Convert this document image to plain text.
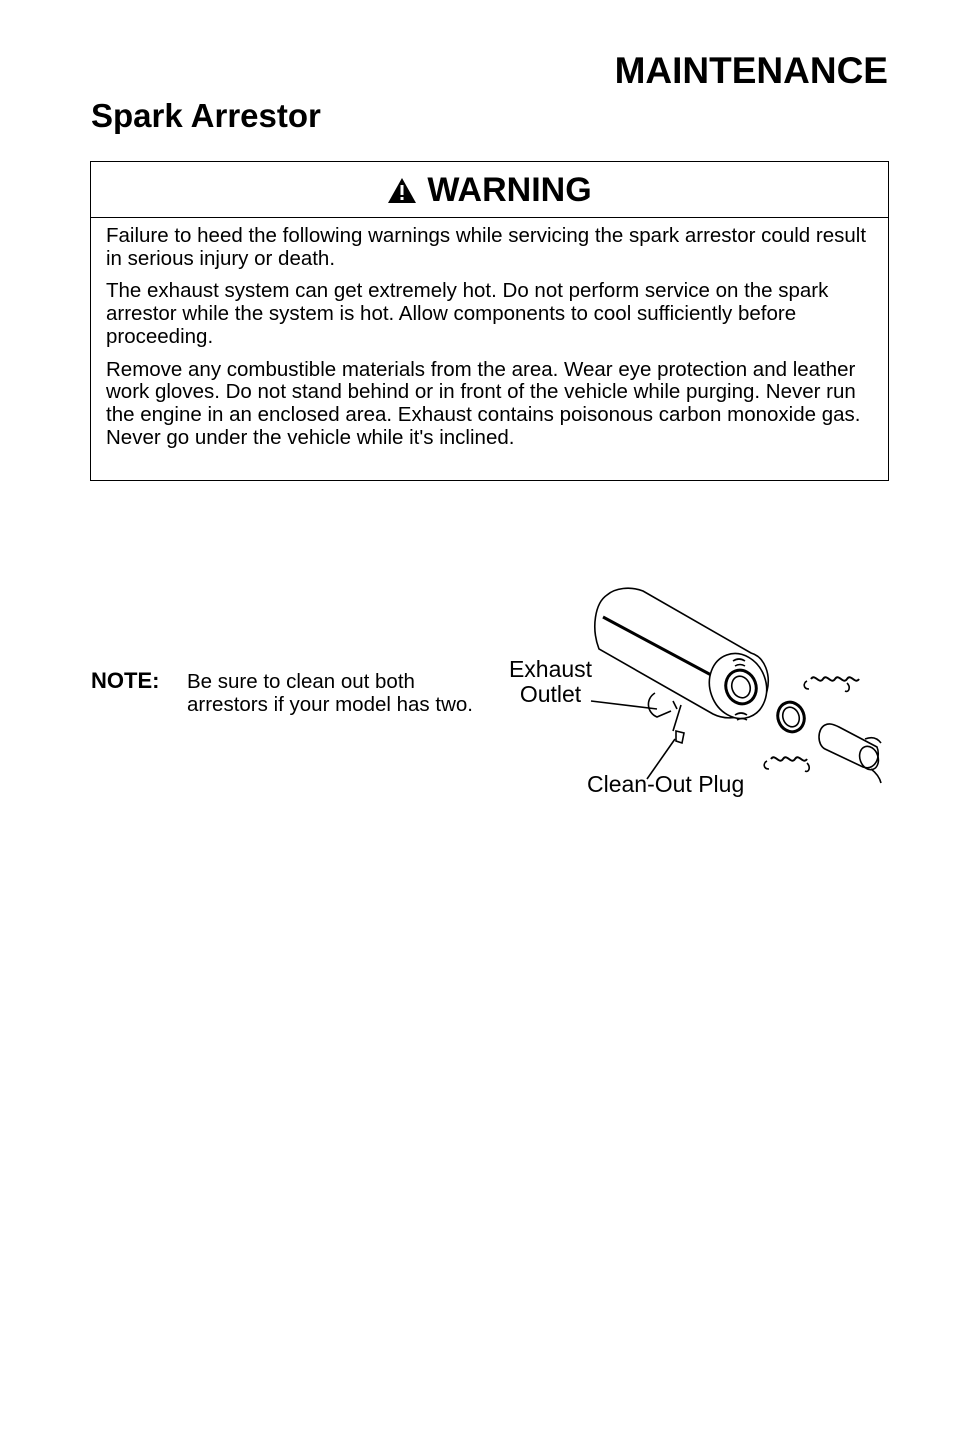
MAINTENANCE
Spark Arrestor
WARNING

Failure to heed the following warnings while servicing the spark arrestor could result in serious injury or death.

The exhaust system can get extremely hot. Do not perform service on the spark arrestor while the system is hot. Allow components to cool sufficiently before proceeding.

Remove any combustible materials from the area. Wear eye protection and leather work gloves. Do not stand behind or in front of the vehicle while purging. Never run the engine in an enclosed area. Exhaust contains poisonous carbon monoxide gas. Never go under the vehicle while it's inclined.

NOTE: Be sure to clean out both arrestors if your model has two.
Exhaust
Outlet
Clean-Out Plug
